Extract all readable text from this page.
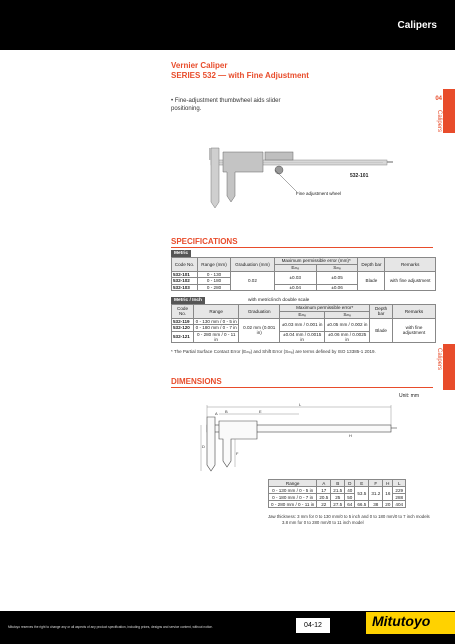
Calipers
04
Calipers
Calipers
Vernier Caliper
SERIES 532 — with Fine Adjustment
• Fine-adjustment thumbwheel aids slider positioning.
532-101
Fine adjustment wheel
SPECIFICATIONS
Metric
Code No.	Range (mm)	Graduation (mm)	Maximum permissible error (mm)*		Depth bar	Remarks
			Eₘₑ	Sₘₑ		
532-101	0 - 130	0.02	±0.03	±0.05	Blade	with fine adjustment
532-102	0 - 180					
532-103	0 - 280		±0.04	±0.06		
Metric / Inch	with metric/inch double scale
Code No.	Range	Graduation	Maximum permissible error*		Depth bar	Remarks
			Eₘₑ	Sₘₑ		
532-119	0 - 130 mm / 0 - 5 in	0.02 mm (0.001 in)	±0.03 mm / 0.001 in	±0.05 mm / 0.002 in	Blade	with fine adjustment
532-120	0 - 180 mm / 0 - 7 in					
532-121	0 - 280 mm / 0 - 11 in		±0.04 mm / 0.0015 in	±0.06 mm / 0.0025 in		
* The Partial Surface Contact Error (Eₘₑ) and Shift Error (Sₘₑ) are terms defined by ISO 13385-1 2019.
DIMENSIONS
Unit: mm
L
E
D
A B
F
H
Range	A	B	D	E	F	H	L
0 - 130 mm / 0 - 5 in	17	21.5	40	53.5	31.2	16	229
0 - 180 mm / 0 - 7 in	20.5	25	50				288
0 - 280 mm / 0 - 11 in	22	27.5	64	66.5	38	20	404
Jaw thickness: 3 mm for 0 to 130 mm/0 to 5 inch and 0 to 180 mm/0 to 7 inch models
3.8 mm for 0 to 280 mm/0 to 11 inch model
Mitutoyo reserves the right to change any or all aspects of any product specification, including prices, designs and service content, without notice.	04-12	Mitutoyo
